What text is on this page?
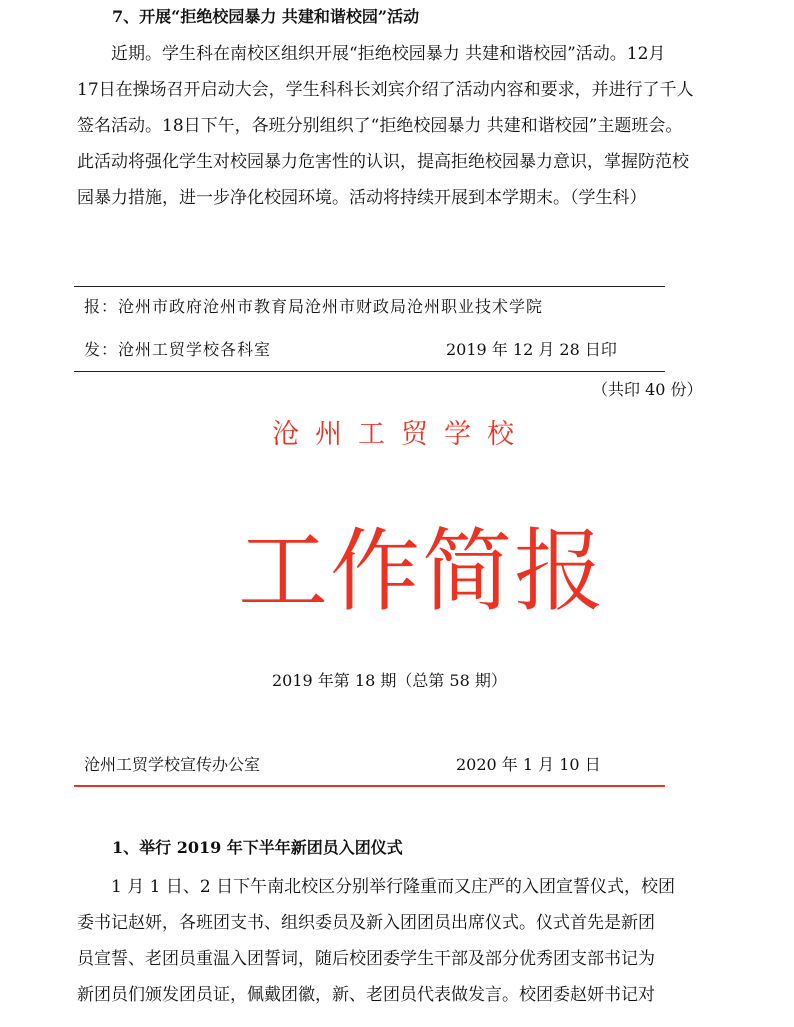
7、开展“拒绝校园暴力 共建和谐校园”活动

近期。学生科在南校区组织开展“拒绝校园暴力 共建和谐校园”活动。12月

17日在操场召开启动大会，学生科科长刘宾介绍了活动内容和要求，并进行了千人

签名活动。18日下午，各班分别组织了“拒绝校园暴力 共建和谐校园”主题班会。

此活动将强化学生对校园暴力危害性的认识，提高拒绝校园暴力意识，掌握防范校

园暴力措施，进一步净化校园环境。活动将持续开展到本学期末。（学生科）

报：沧州市政府沧州市教育局沧州市财政局沧州职业技术学院
发：沧州工贸学校各科室	2019 年 12 月 28 日印
（共印 40 份）
沧州工贸学校
工作简报
2019 年第 18 期（总第 58 期）
沧州工贸学校宣传办公室	2020 年 1 月 10 日
1、举行 2019 年下半年新团员入团仪式

1 月 1 日、2 日下午南北校区分别举行隆重而又庄严的入团宣誓仪式，校团

委书记赵妍，各班团支书、组织委员及新入团团员出席仪式。仪式首先是新团

员宣誓、老团员重温入团誓词，随后校团委学生干部及部分优秀团支部书记为

新团员们颁发团员证，佩戴团徽，新、老团员代表做发言。校团委赵妍书记对
